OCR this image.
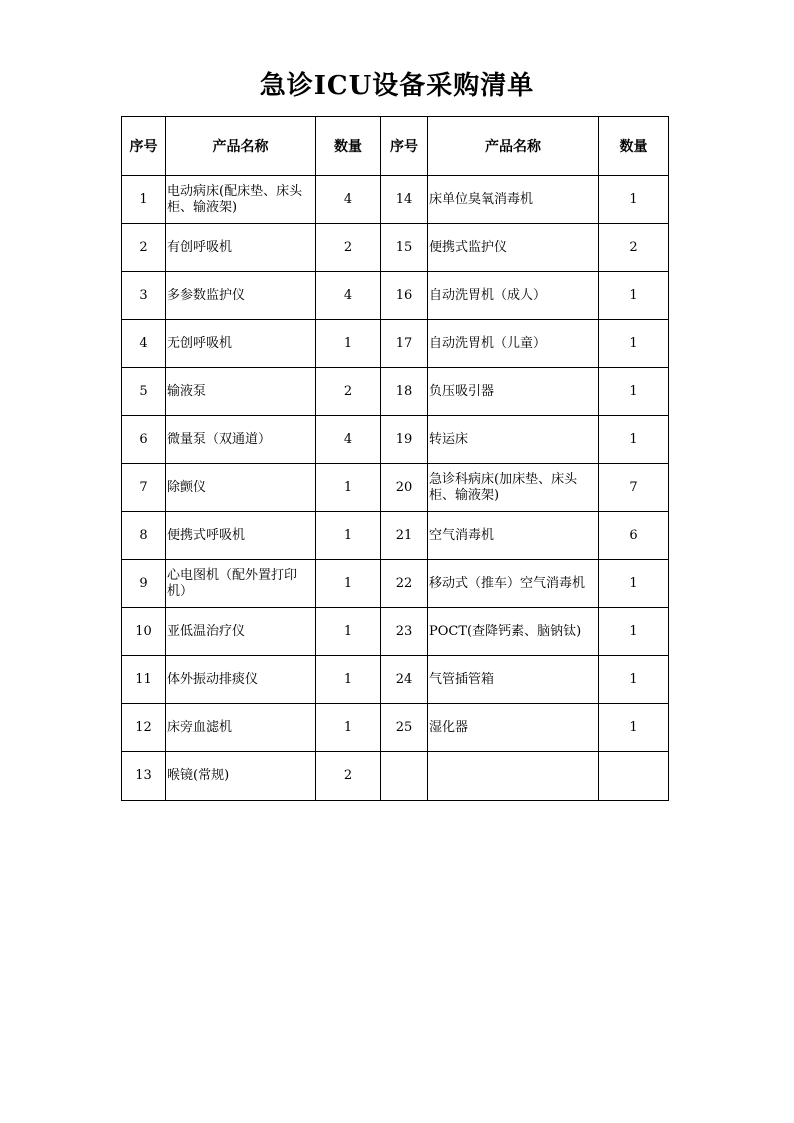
急诊ICU设备采购清单
序号	产品名称	数量	序号	产品名称	数量
1	电动病床(配床垫、床头柜、输液架)	4	14	床单位臭氧消毒机	1
2	有创呼吸机	2	15	便携式监护仪	2
3	多参数监护仪	4	16	自动洗胃机（成人）	1
4	无创呼吸机	1	17	自动洗胃机（儿童）	1
5	输液泵	2	18	负压吸引器	1
6	微量泵（双通道）	4	19	转运床	1
7	除颤仪	1	20	急诊科病床(加床垫、床头柜、输液架)	7
8	便携式呼吸机	1	21	空气消毒机	6
9	心电图机（配外置打印机）	1	22	移动式（推车）空气消毒机	1
10	亚低温治疗仪	1	23	POCT(查降钙素、脑钠钛)	1
11	体外振动排痰仪	1	24	气管插管箱	1
12	床旁血滤机	1	25	湿化器	1
13	喉镜(常规)	2			
